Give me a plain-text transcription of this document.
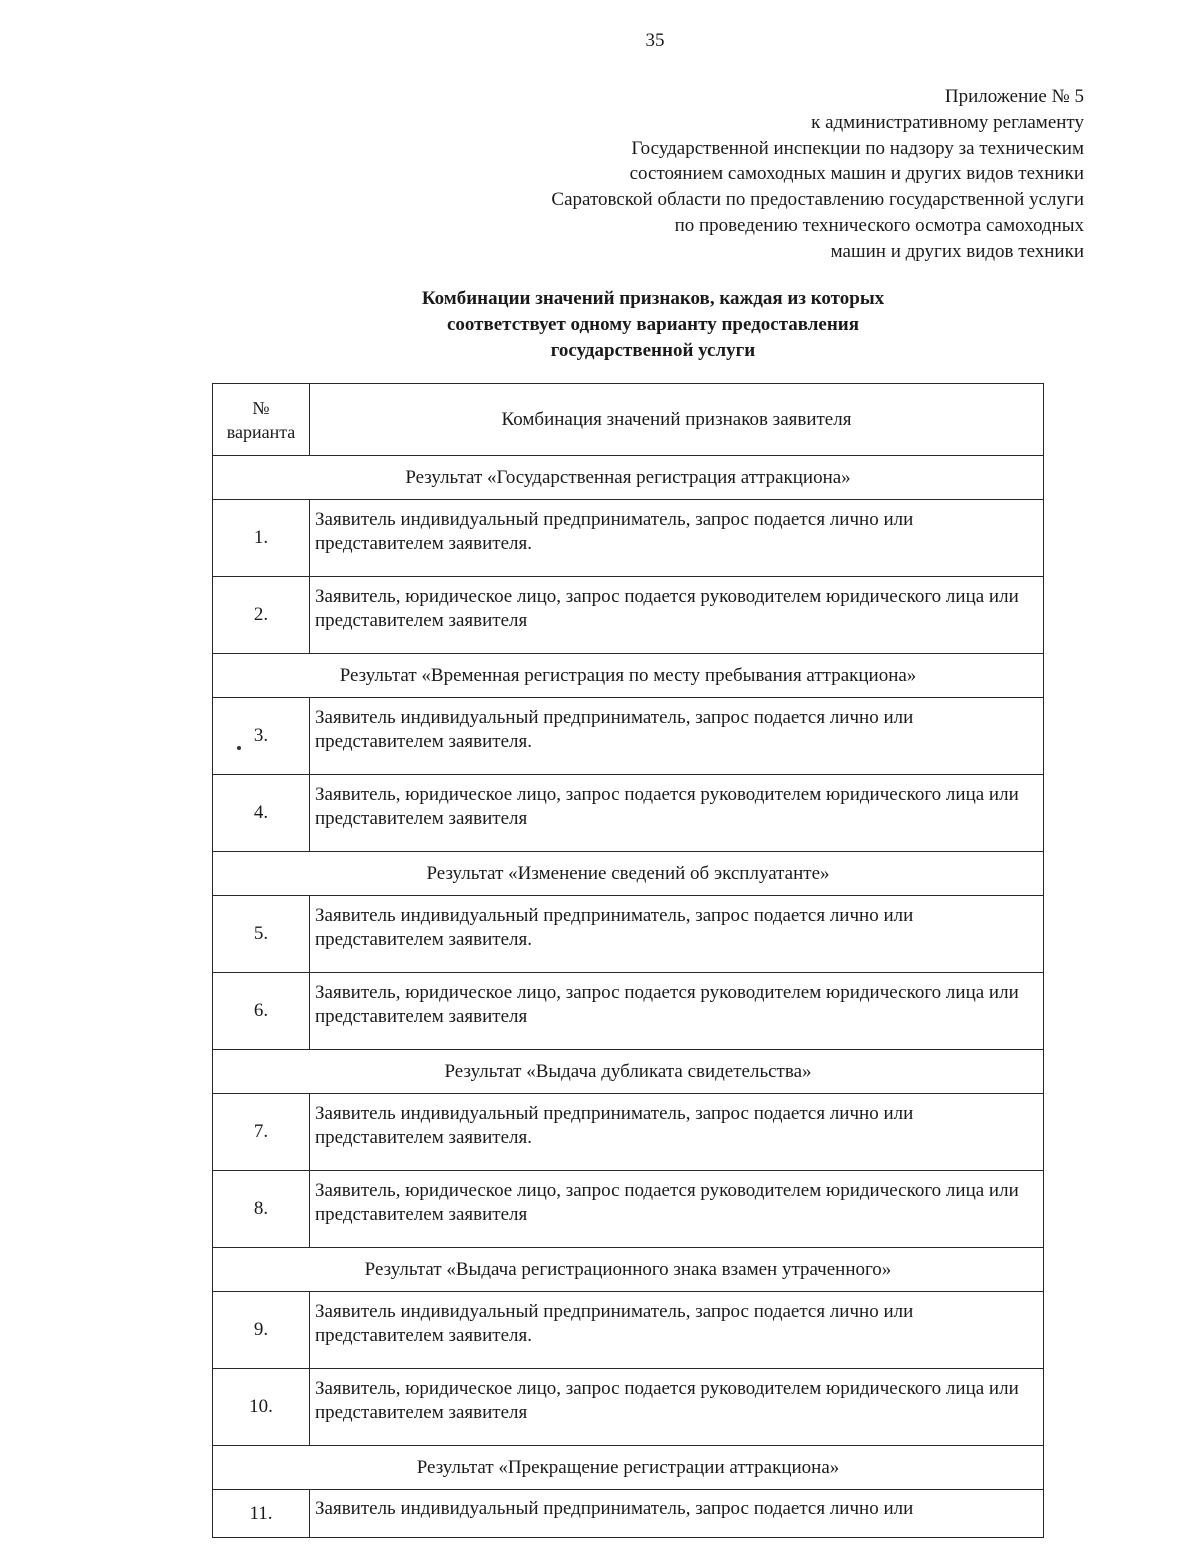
35
Приложение № 5
к административному регламенту
Государственной инспекции по надзору за техническим
состоянием самоходных машин и других видов техники
Саратовской области по предоставлению государственной услуги
по проведению технического осмотра самоходных
машин и других видов техники
Комбинации значений признаков, каждая из которых
соответствует одному варианту предоставления
государственной услуги
№
варианта	Комбинация значений признаков заявителя
Результат «Государственная регистрация аттракциона»	
1.	Заявитель индивидуальный предприниматель, запрос подается лично или представителем заявителя.
2.	Заявитель, юридическое лицо, запрос подается руководителем юридического лица или представителем заявителя
Результат «Временная регистрация по месту пребывания аттракциона»	
3.	Заявитель индивидуальный предприниматель, запрос подается лично или представителем заявителя.
4.	Заявитель, юридическое лицо, запрос подается руководителем юридического лица или представителем заявителя
Результат «Изменение сведений об эксплуатанте»	
5.	Заявитель индивидуальный предприниматель, запрос подается лично или представителем заявителя.
6.	Заявитель, юридическое лицо, запрос подается руководителем юридического лица или представителем заявителя
Результат «Выдача дубликата свидетельства»	
7.	Заявитель индивидуальный предприниматель, запрос подается лично или представителем заявителя.
8.	Заявитель, юридическое лицо, запрос подается руководителем юридического лица или представителем заявителя
Результат «Выдача регистрационного знака взамен утраченного»	
9.	Заявитель индивидуальный предприниматель, запрос подается лично или представителем заявителя.
10.	Заявитель, юридическое лицо, запрос подается руководителем юридического лица или представителем заявителя
Результат «Прекращение регистрации аттракциона»	
11.	Заявитель индивидуальный предприниматель, запрос подается лично или
